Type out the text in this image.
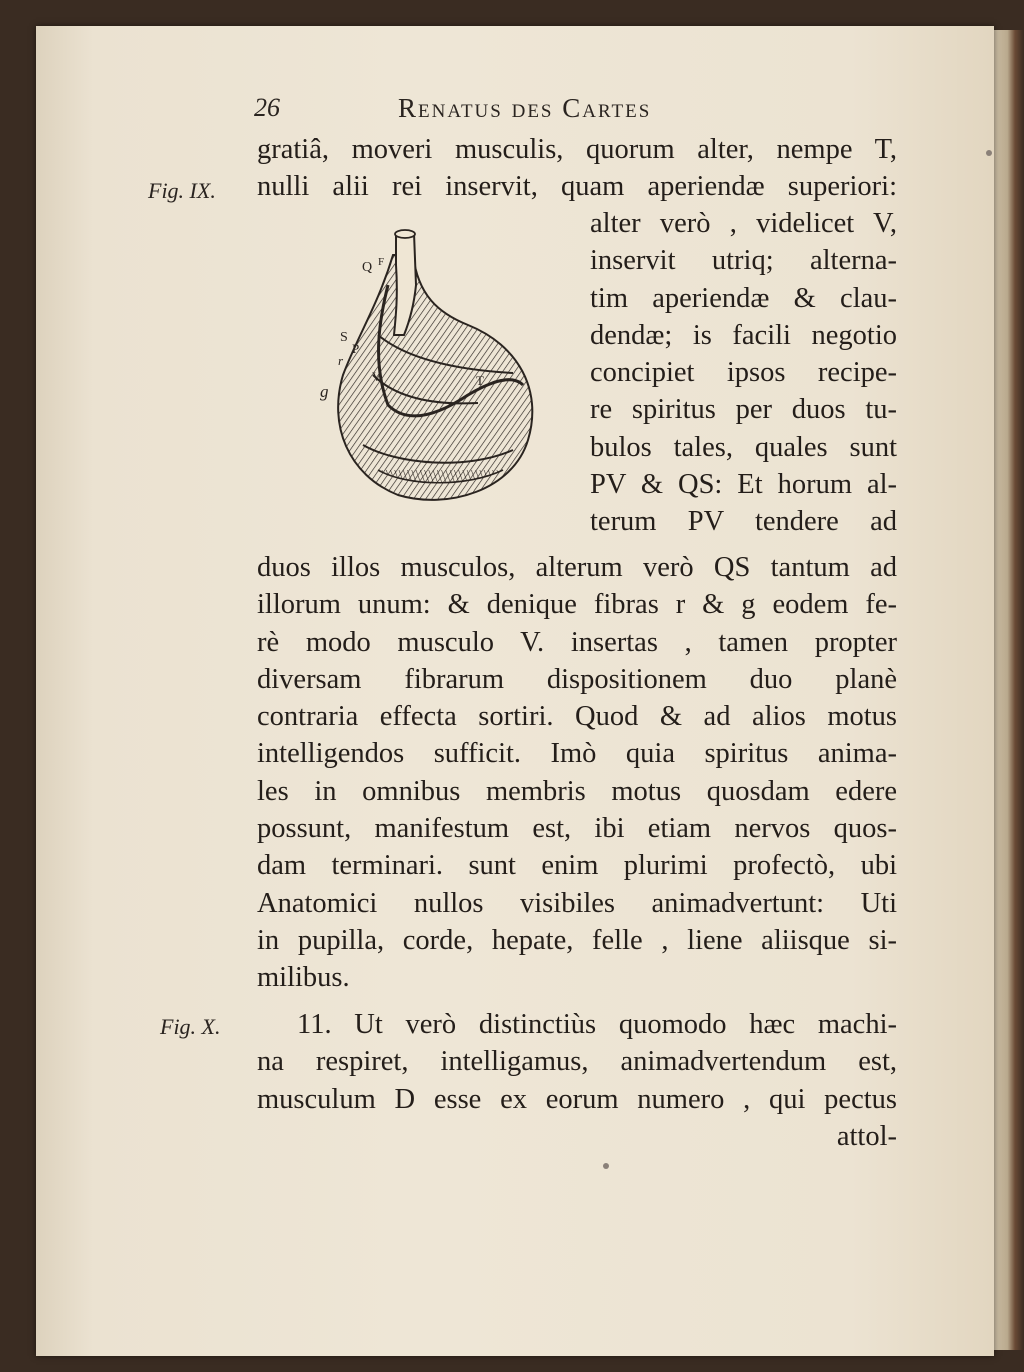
26	Renatus des Cartes
Fig. IX.
Fig. X.
gratiâ, moveri musculis, quorum alter, nempe T,
nulli alii rei inservit, quam aperiendæ superiori:
alter verò , videlicet V,
inservit utriq; alterna-
tim aperiendæ & clau-
dendæ; is facili negotio
concipiet ipsos recipe-
re spiritus per duos tu-
bulos tales, quales sunt
PV & QS: Et horum al-
terum PV tendere ad
Q F
S
P
r
g
V	T
duos illos musculos, alterum verò QS tantum ad
illorum unum: & denique fibras r & g eodem fe-
rè modo musculo V. insertas , tamen propter
diversam fibrarum dispositionem duo planè
contraria effecta sortiri. Quod & ad alios motus
intelligendos sufficit. Imò quia spiritus anima-
les in omnibus membris motus quosdam edere
possunt, manifestum est, ibi etiam nervos quos-
dam terminari. sunt enim plurimi profectò, ubi
Anatomici nullos visibiles animadvertunt: Uti
in pupilla, corde, hepate, felle , liene aliisque si-
milibus.
11. Ut verò distinctiùs quomodo hæc machi-
na respiret, intelligamus, animadvertendum est,
musculum D esse ex eorum numero , qui pectus
attol-
